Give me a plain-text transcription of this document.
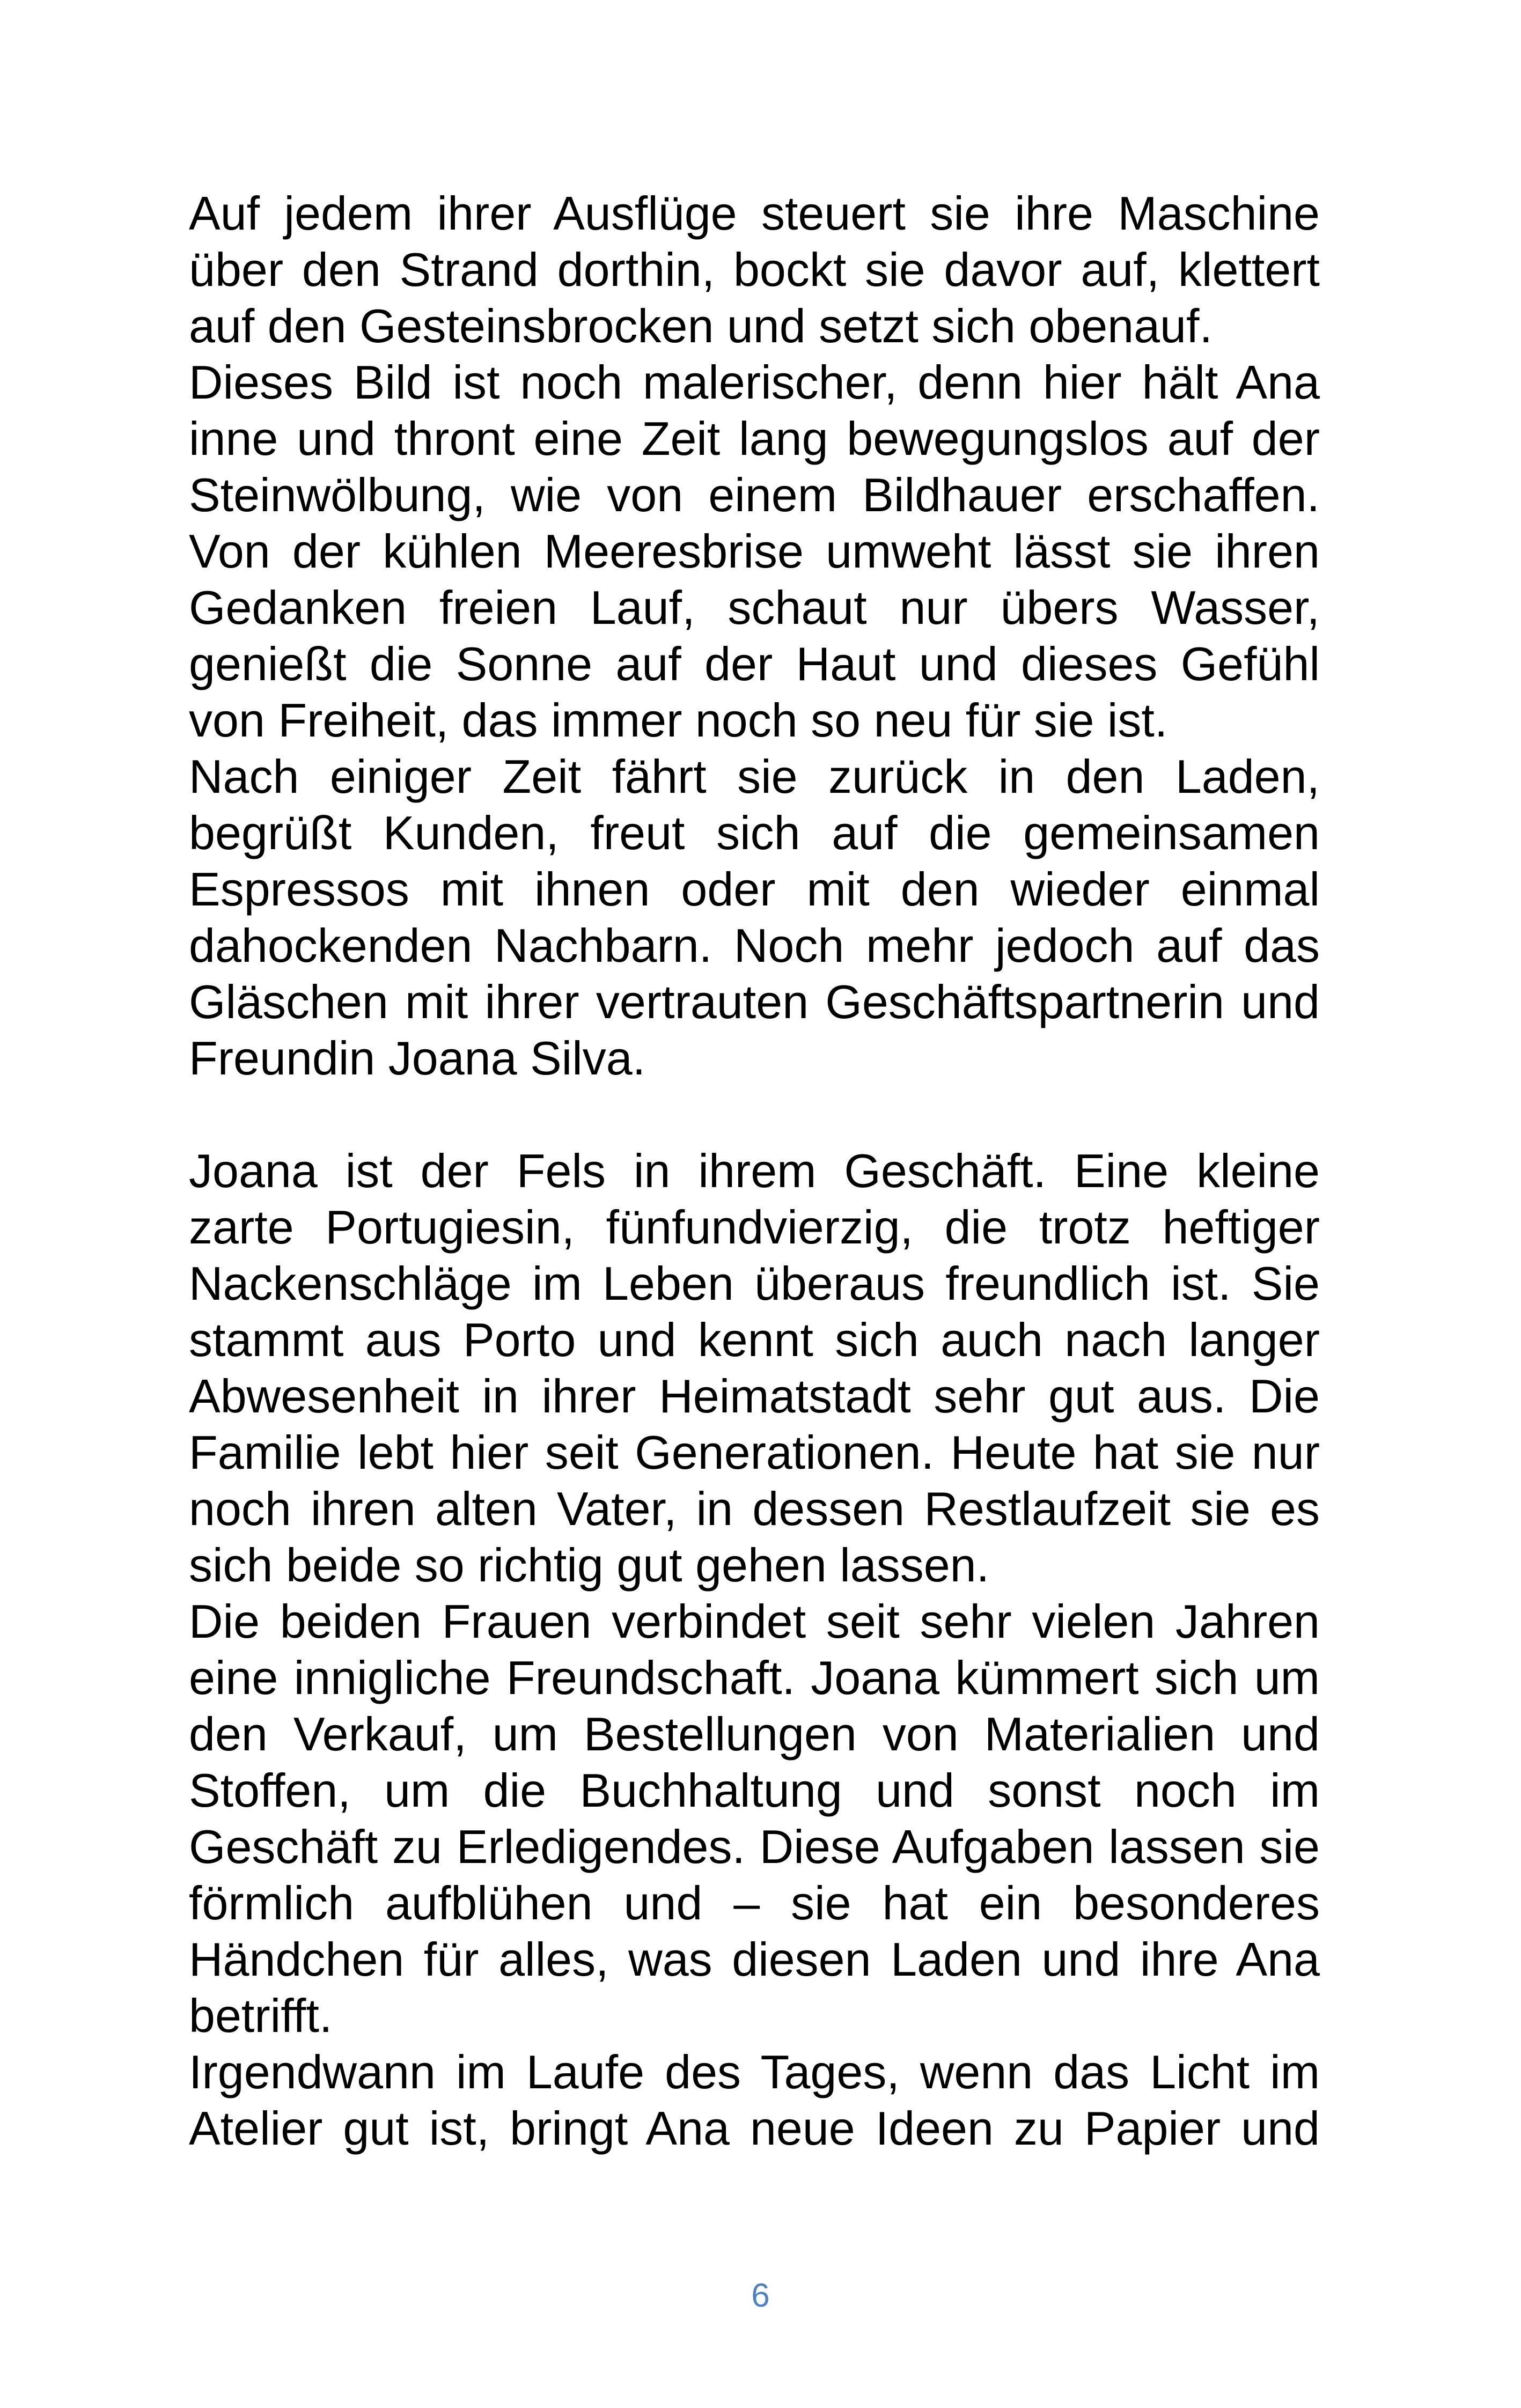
Auf jedem ihrer Ausflüge steuert sie ihre Maschine über den Strand dorthin, bockt sie davor auf, klettert auf den Gesteinsbrocken und setzt sich obenauf.

Dieses Bild ist noch malerischer, denn hier hält Ana inne und thront eine Zeit lang bewegungslos auf der Steinwölbung, wie von einem Bildhauer erschaffen. Von der kühlen Meeresbrise umweht lässt sie ihren Gedanken freien Lauf, schaut nur übers Wasser, genießt die Sonne auf der Haut und dieses Gefühl von Freiheit, das immer noch so neu für sie ist.

Nach einiger Zeit fährt sie zurück in den Laden, begrüßt Kunden, freut sich auf die gemeinsamen Espressos mit ihnen oder mit den wieder einmal dahockenden Nachbarn. Noch mehr jedoch auf das Gläschen mit ihrer vertrauten Geschäftspartnerin und Freundin Joana Silva.

Joana ist der Fels in ihrem Geschäft. Eine kleine zarte Portugiesin, fünfundvierzig, die trotz heftiger Nackenschläge im Leben überaus freundlich ist. Sie stammt aus Porto und kennt sich auch nach langer Abwesenheit in ihrer Heimatstadt sehr gut aus. Die Familie lebt hier seit Generationen. Heute hat sie nur noch ihren alten Vater, in dessen Restlaufzeit sie es sich beide so richtig gut gehen lassen.

Die beiden Frauen verbindet seit sehr vielen Jahren eine innigliche Freundschaft. Joana kümmert sich um den Verkauf, um Bestellungen von Materialien und Stoffen, um die Buchhaltung und sonst noch im Geschäft zu Erledigendes. Diese Aufgaben lassen sie förmlich aufblühen und – sie hat ein besonderes Händchen für alles, was diesen Laden und ihre Ana betrifft.

Irgendwann im Laufe des Tages, wenn das Licht im Atelier gut ist, bringt Ana neue Ideen zu Papier und

6
